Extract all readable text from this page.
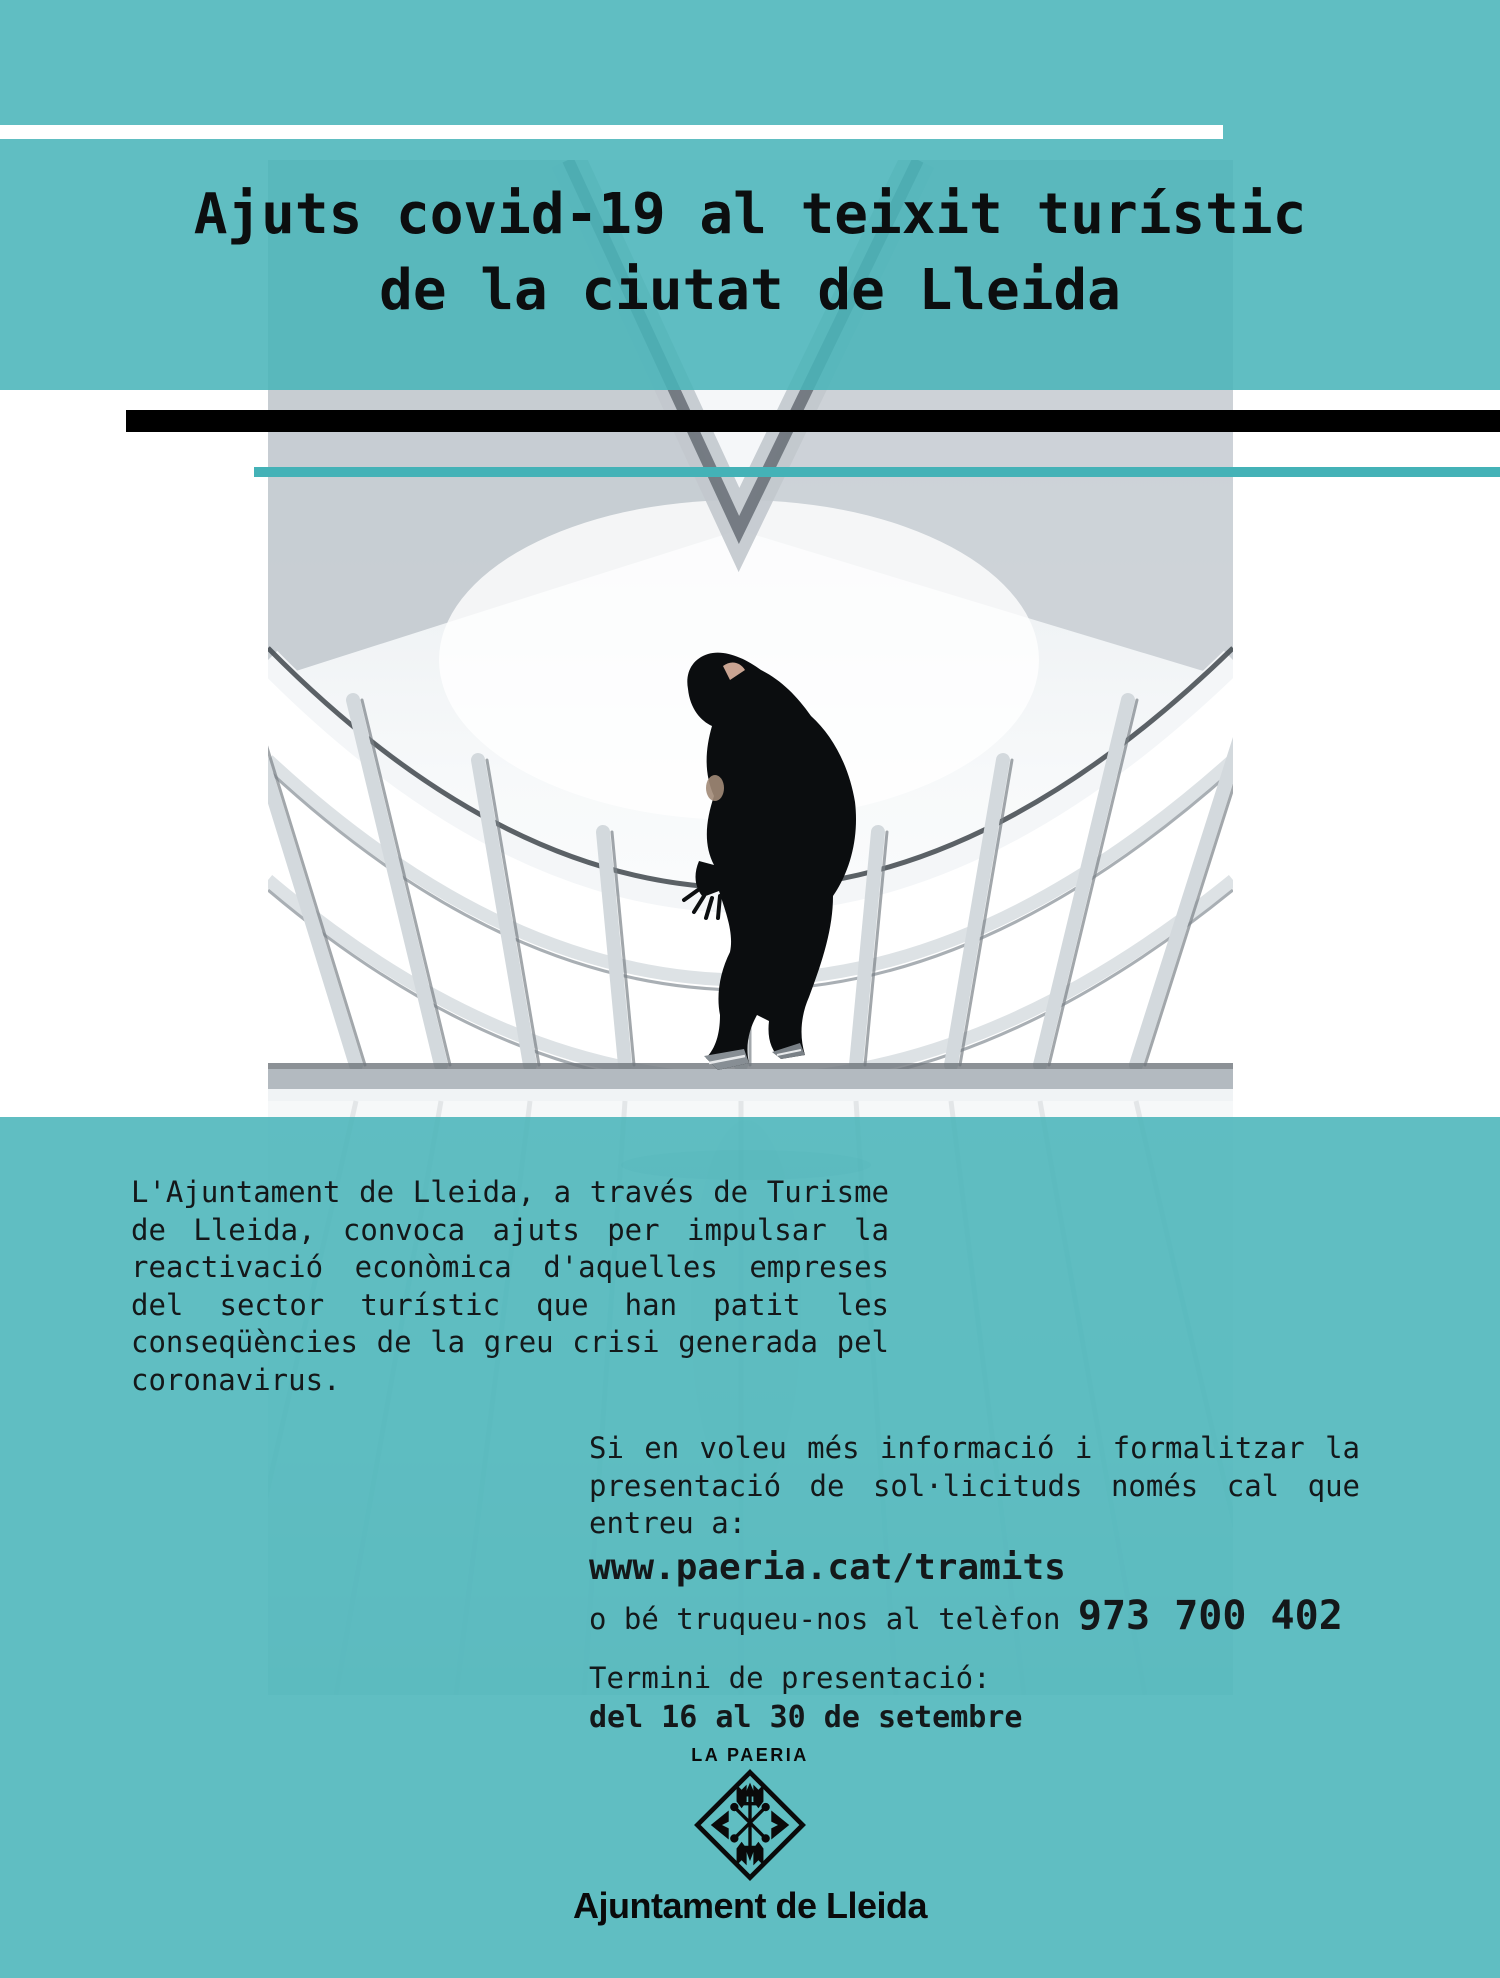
Ajuts covid-19 al teixit turístic
de la ciutat de Lleida
L'Ajuntament de Lleida, a través de Turisme
de Lleida, convoca ajuts per impulsar la
reactivació econòmica d'aquelles empreses
del sector turístic que han patit les
conseqüències de la greu crisi generada pel
coronavirus.
Si en voleu més informació i formalitzar la
presentació de sol·licituds només cal que
entreu a:
www.paeria.cat/tramits
o bé truqueu-nos al telèfon 973 700 402
Termini de presentació:
del 16 al 30 de setembre
LA PAERIA
Ajuntament de Lleida
